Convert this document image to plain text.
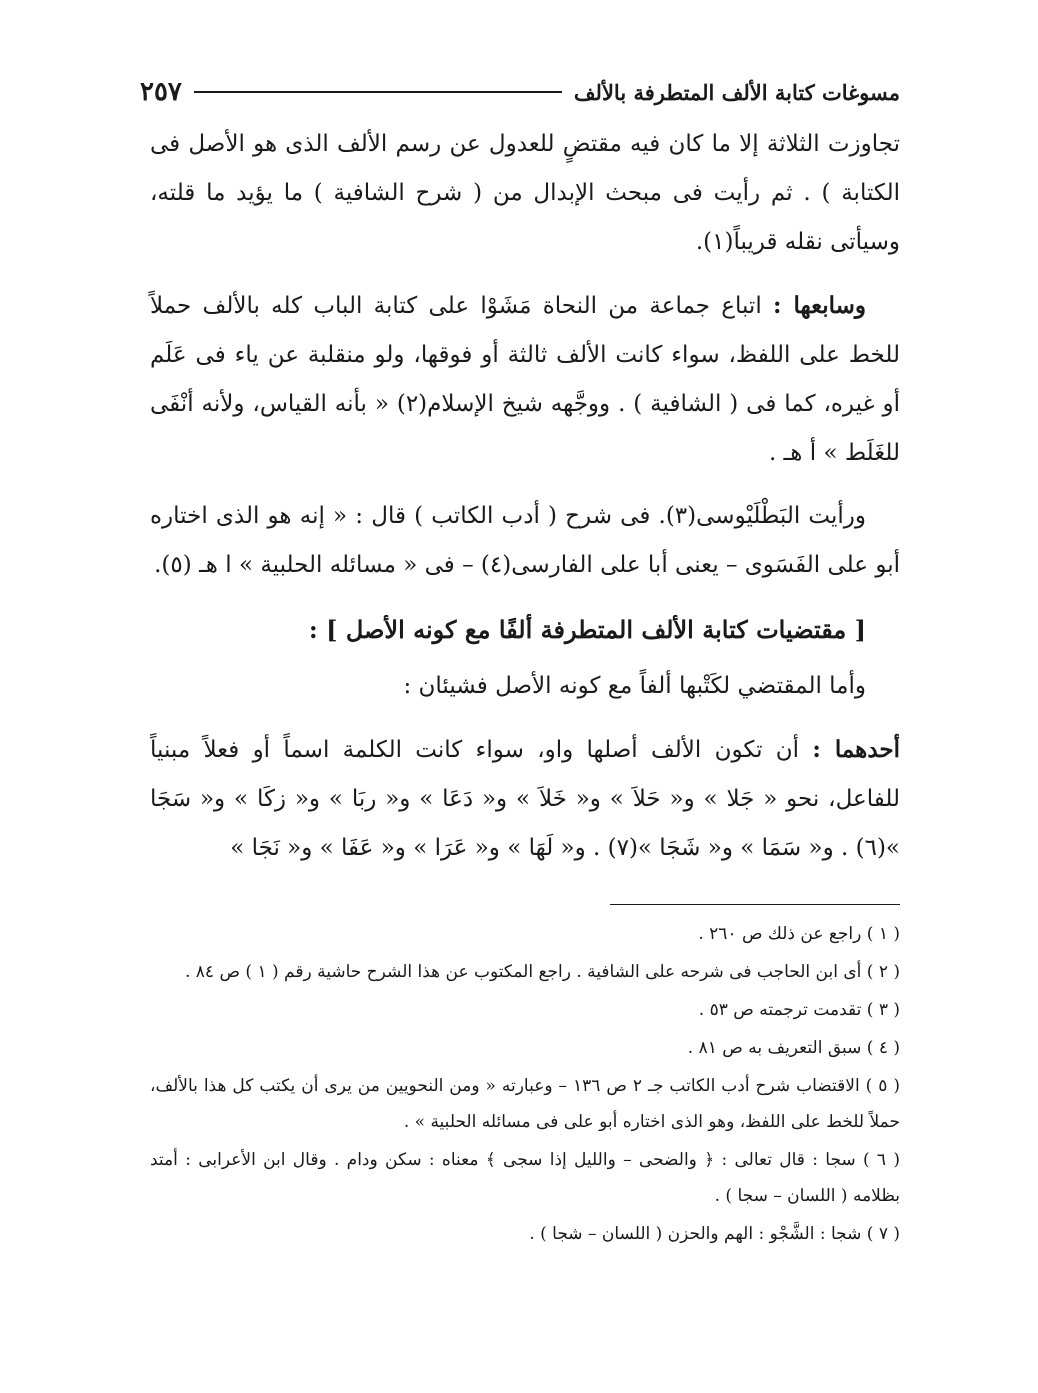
مسوغات كتابة الألف المتطرفة بالألف
٢٥٧

تجاوزت الثلاثة إلا ما كان فيه مقتضٍ للعدول عن رسم الألف الذى هو الأصل فى الكتابة ) . ثم رأيت فى مبحث الإبدال من ( شرح الشافية ) ما يؤيد ما قلته، وسيأتى نقله قريباً(١).

وسابعها : اتباع جماعة من النحاة مَشَوْا على كتابة الباب كله بالألف حملاً للخط على اللفظ، سواء كانت الألف ثالثة أو فوقها، ولو منقلبة عن ياء فى عَلَم أو غيره، كما فى ( الشافية ) . ووجَّهه شيخ الإسلام(٢) « بأنه القياس، ولأنه أنْفَى للغَلَط » أ هـ .

ورأيت البَطْلَيْوسى(٣). فى شرح ( أدب الكاتب ) قال : « إنه هو الذى اختاره أبو على الفَسَوى – يعنى أبا على الفارسى(٤) – فى « مسائله الحلبية » ا هـ (٥).

[ مقتضيات كتابة الألف المتطرفة ألفًا مع كونه الأصل ] :

وأما المقتضي لكَتْبها ألفاً مع كونه الأصل فشيئان :

أحدهما : أن تكون الألف أصلها واو، سواء كانت الكلمة اسماً أو فعلاً مبنياً للفاعل، نحو « جَلا » و« حَلاَ » و« خَلاَ » و« دَعَا » و« ربَا » و« زكَا » و« سَجَا »(٦) . و« سَمَا » و« شَجَا »(٧) . و« لَهَا » و« عَرَا » و« عَفَا » و« نَجَا »

( ١ ) راجع عن ذلك ص ٢٦٠ .

( ٢ ) أى ابن الحاجب فى شرحه على الشافية . راجع المكتوب عن هذا الشرح حاشية رقم ( ١ ) ص ٨٤ .

( ٣ ) تقدمت ترجمته ص ٥٣ .

( ٤ ) سبق التعريف به ص ٨١ .

( ٥ ) الاقتضاب شرح أدب الكاتب جـ ٢ ص ١٣٦ – وعبارته « ومن النحويين من يرى أن يكتب كل هذا بالألف، حملاً للخط على اللفظ، وهو الذى اختاره أبو على فى مسائله الحلبية » .

( ٦ ) سجا : قال تعالى : ﴿ والضحى – والليل إذا سجى ﴾ معناه : سكن ودام . وقال ابن الأعرابى : أمتد بظلامه ( اللسان – سجا ) .

( ٧ ) شجا : الشَّجْو : الهم والحزن ( اللسان – شجا ) .
